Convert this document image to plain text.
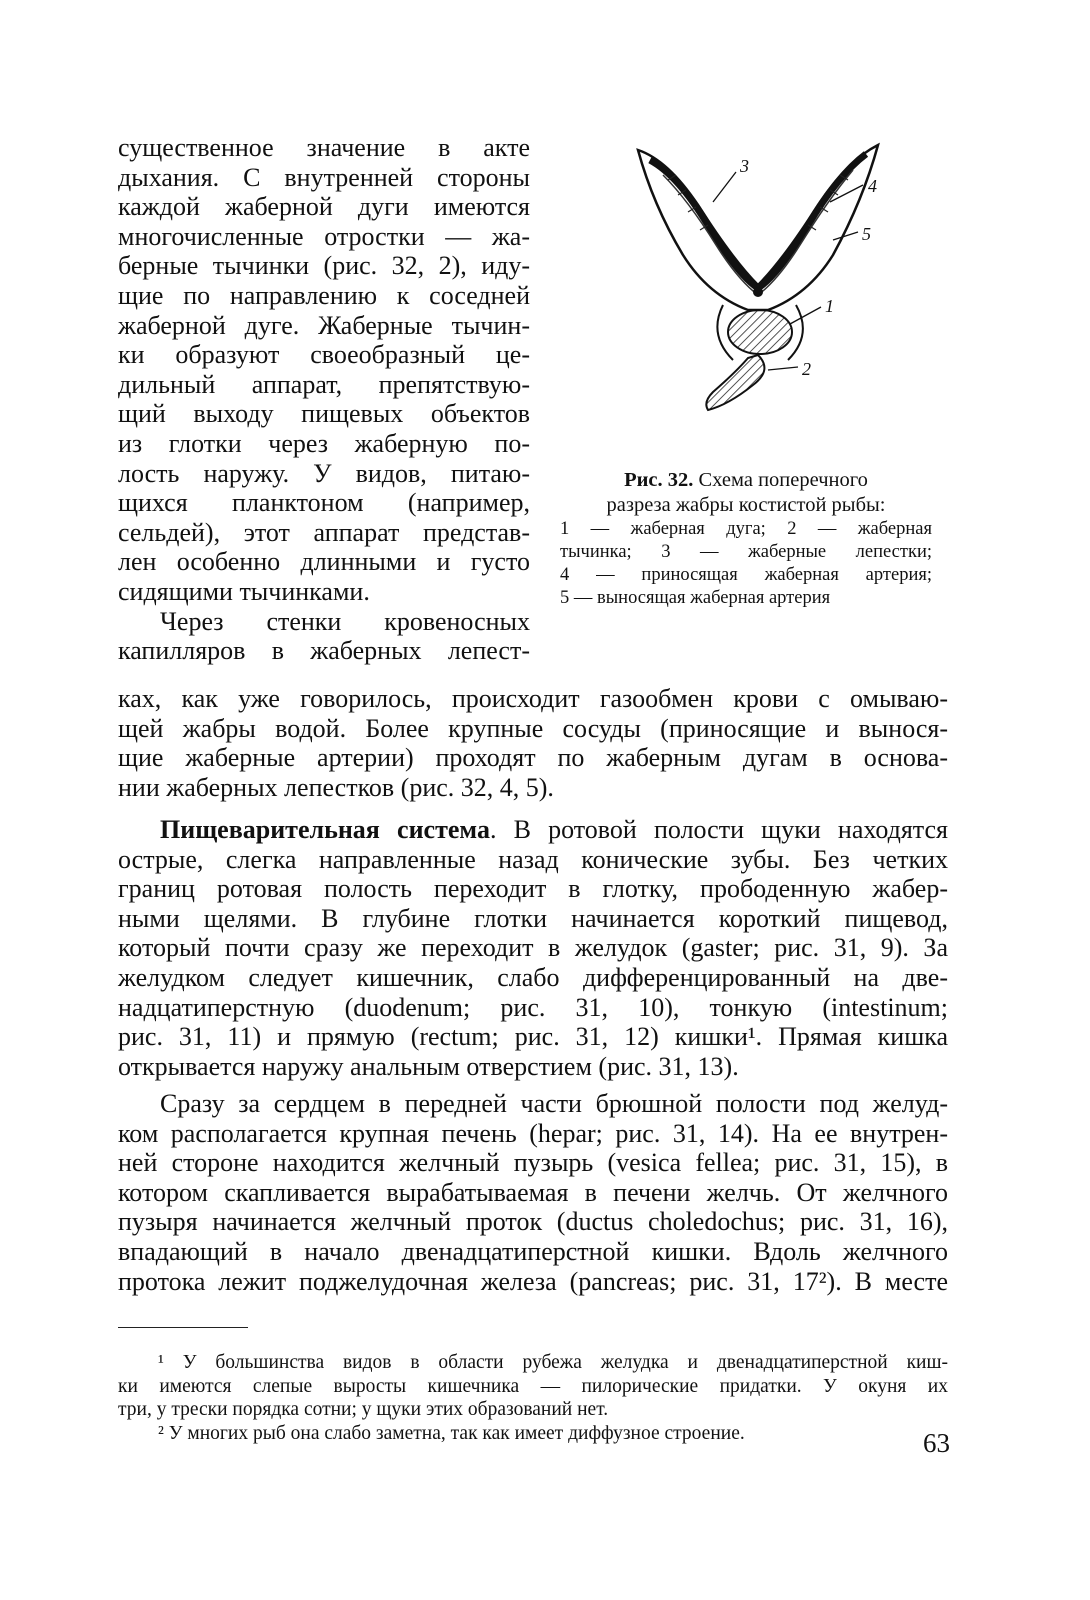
существенное значение в акте
дыхания. С внутренней стороны
каждой жаберной дуги имеются
многочисленные отростки — жа-
берные тычинки (рис. 32, 2), иду-
щие по направлению к соседней
жаберной дуге. Жаберные тычин-
ки образуют своеобразный це-
дильный аппарат, препятствую-
щий выходу пищевых объектов
из глотки через жаберную по-
лость наружу. У видов, питаю-
щихся планктоном (например,
сельдей), этот аппарат представ-
лен особенно длинными и густо
сидящими тычинками.
Через стенки кровеносных
капилляров в жаберных лепест-
ках, как уже говорилось, происходит газообмен крови с омываю-
щей жабры водой. Более крупные сосуды (приносящие и вынося-
щие жаберные артерии) проходят по жаберным дугам в основа-
нии жаберных лепестков (рис. 32, 4, 5).
Пищеварительная система. В ротовой полости щуки находятся
острые, слегка направленные назад конические зубы. Без четких
границ ротовая полость переходит в глотку, прободенную жабер-
ными щелями. В глубине глотки начинается короткий пищевод,
который почти сразу же переходит в желудок (gaster; рис. 31, 9). За
желудком следует кишечник, слабо дифференцированный на две-
надцатиперстную (duodenum; рис. 31, 10), тонкую (intestinum;
рис. 31, 11) и прямую (rectum; рис. 31, 12) кишки¹. Прямая кишка
открывается наружу анальным отверстием (рис. 31, 13).
Сразу за сердцем в передней части брюшной полости под желуд-
ком располагается крупная печень (hepar; рис. 31, 14). На ее внутрен-
ней стороне находится желчный пузырь (vesica fellea; рис. 31, 15), в
котором скапливается вырабатываемая в печени желчь. От желчного
пузыря начинается желчный проток (ductus choledochus; рис. 31, 16),
впадающий в начало двенадцатиперстной кишки. Вдоль желчного
протока лежит поджелудочная железа (pancreas; рис. 31, 17²). В месте
3
4
5
1
2
Рис. 32. Схема поперечного
разреза жабры костистой рыбы:
1 — жаберная дуга; 2 — жаберная
тычинка; 3 — жаберные лепестки;
4 — приносящая жаберная артерия;
5 — выносящая жаберная артерия
¹ У большинства видов в области рубежа желудка и двенадцатиперстной киш-
ки имеются слепые выросты кишечника — пилорические придатки. У окуня их
три, у трески порядка сотни; у щуки этих образований нет.
² У многих рыб она слабо заметна, так как имеет диффузное строение.	63
